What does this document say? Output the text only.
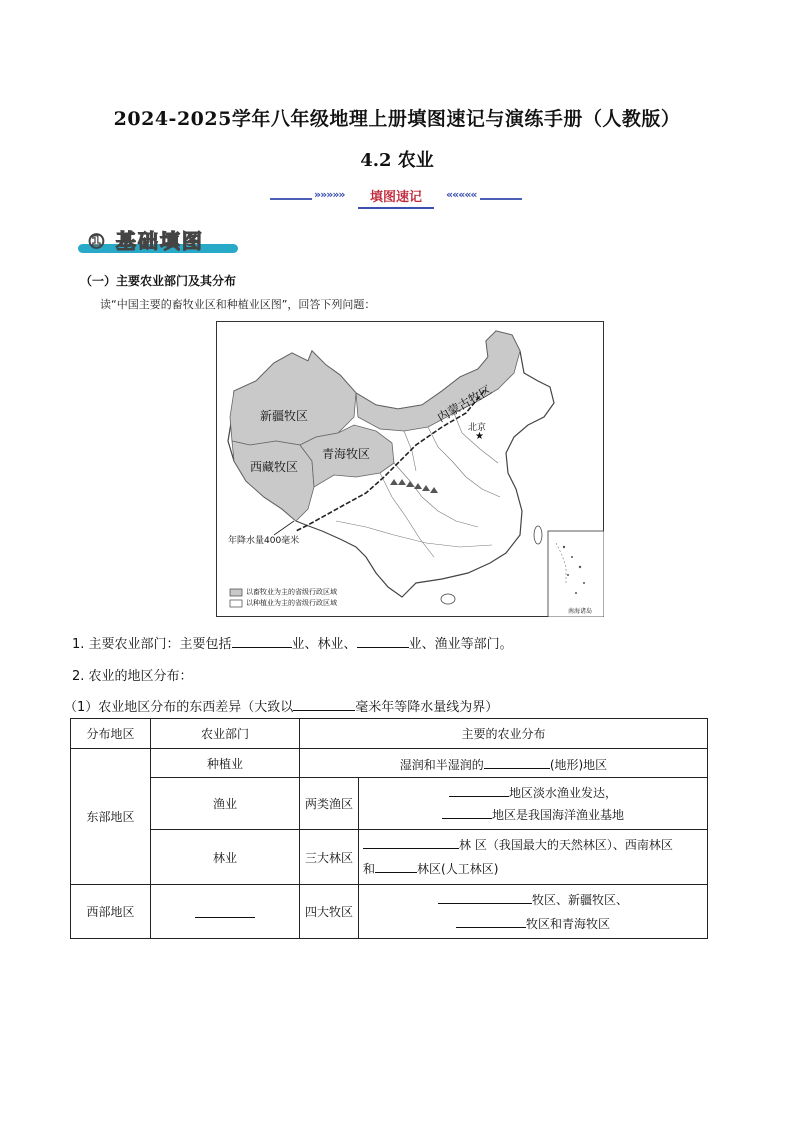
2024-2025学年八年级地理上册填图速记与演练手册（人教版）
4.2 农业
»»»»»	填图速记	«««««
① 基础填图
（一）主要农业部门及其分布
读“中国主要的畜牧业区和种植业区图”，回答下列问题：
★
新疆牧区	内蒙古牧区
青海牧区
西藏牧区
北京
年降水量400毫米
南海诸岛
以畜牧业为主的省级行政区域
以种植业为主的省级行政区域
1. 主要农业部门：主要包括	业、林业、	业、渔业等部门。
2. 农业的地区分布：
（1）农业地区分布的东西差异（大致以	毫米年等降水量线为界）
分布地区	农业部门	主要的农业分布	
东部地区	种植业	湿润和半湿润的 (地形)地区	
	渔业	两类渔区	地区淡水渔业发达，
地区是我国海洋渔业基地

	林业	三大林区	林 区（我国最大的天然林区）、西南林区
和 林区(人工林区)

西部地区		四大牧区	牧区、新疆牧区、
牧区和青海牧区
